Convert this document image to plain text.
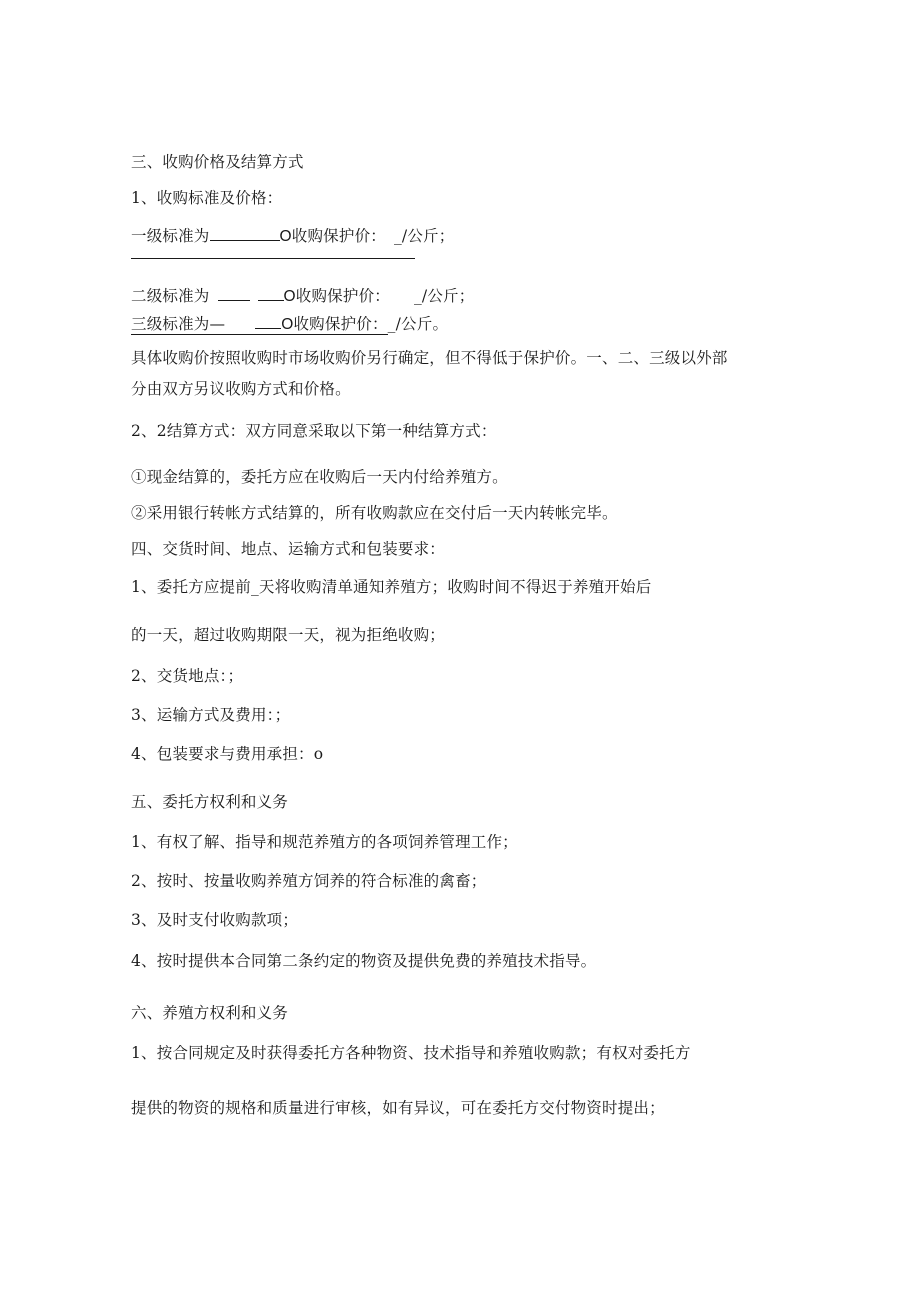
三、收购价格及结算方式
1、收购标准及价格：
一级标准为	O收购保护价： _/公斤；
二级标准为	O收购保护价： _/公斤；
三级标准为—	O收购保护价：_/公斤。
具体收购价按照收购时市场收购价另行确定，但不得低于保护价。一、二、三级以外部
分由双方另议收购方式和价格。
2、2结算方式：双方同意采取以下第一种结算方式：
①现金结算的，委托方应在收购后一天内付给养殖方。
②采用银行转帐方式结算的，所有收购款应在交付后一天内转帐完毕。
四、交货时间、地点、运输方式和包装要求：
1、委托方应提前_天将收购清单通知养殖方；收购时间不得迟于养殖开始后
的一天，超过收购期限一天，视为拒绝收购；
2、交货地点：；
3、运输方式及费用：；
4、包装要求与费用承担：o
五、委托方权利和义务
1、有权了解、指导和规范养殖方的各项饲养管理工作；
2、按时、按量收购养殖方饲养的符合标准的禽畜；
3、及时支付收购款项；
4、按时提供本合同第二条约定的物资及提供免费的养殖技术指导。
六、养殖方权利和义务
1、按合同规定及时获得委托方各种物资、技术指导和养殖收购款；有权对委托方
提供的物资的规格和质量进行审核，如有异议，可在委托方交付物资时提出；
